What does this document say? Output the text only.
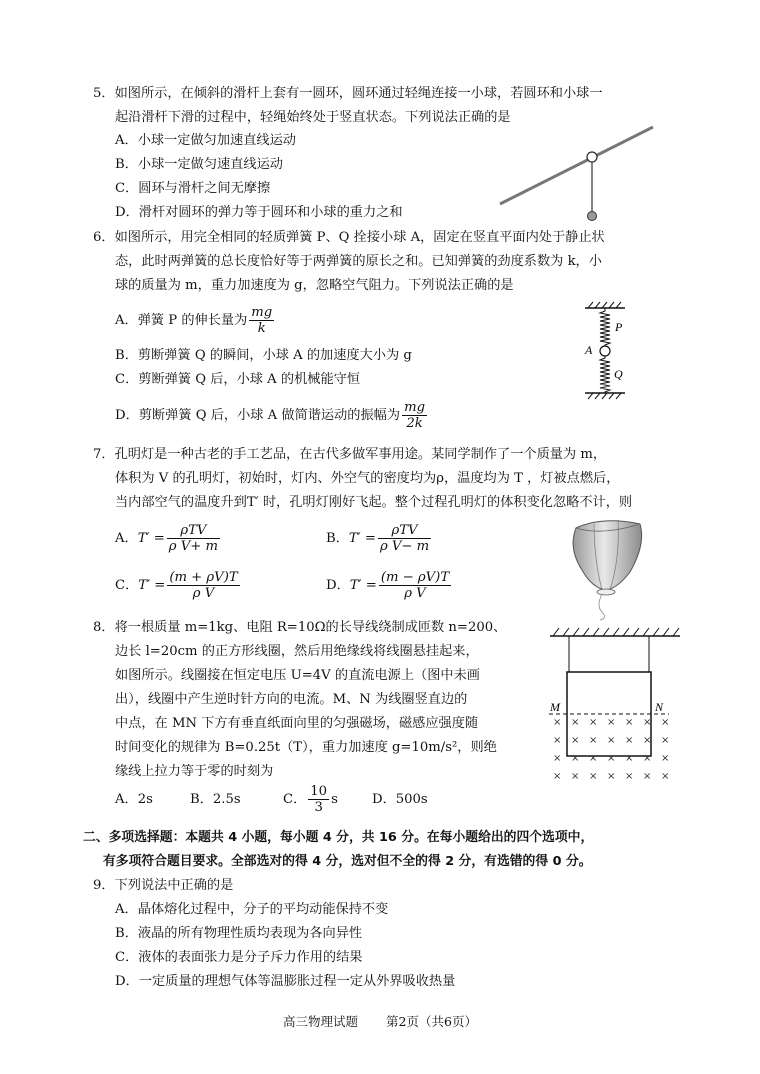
5．如图所示，在倾斜的滑杆上套有一圆环，圆环通过轻绳连接一小球，若圆环和小球一
起沿滑杆下滑的过程中，轻绳始终处于竖直状态。下列说法正确的是
A．小球一定做匀加速直线运动
B．小球一定做匀速直线运动
C．圆环与滑杆之间无摩擦
D．滑杆对圆环的弹力等于圆环和小球的重力之和
6．如图所示，用完全相同的轻质弹簧 P、Q 拴接小球 A，固定在竖直平面内处于静止状
态，此时两弹簧的总长度恰好等于两弹簧的原长之和。已知弹簧的劲度系数为 k，小
球的质量为 m，重力加速度为 g，忽略空气阻力。下列说法正确的是
A．弹簧 P 的伸长量为 $\frac{mg}{k}$
B．剪断弹簧 Q 的瞬间，小球 A 的加速度大小为 g
C．剪断弹簧 Q 后，小球 A 的机械能守恒
D．剪断弹簧 Q 后，小球 A 做简谐运动的振幅为 $\frac{mg}{2k}$
P
A
Q
7．孔明灯是一种古老的手工艺品，在古代多做军事用途。某同学制作了一个质量为 m，
体积为 V 的孔明灯，初始时，灯内、外空气的密度均为ρ，温度均为 T ，灯被点燃后，
当内部空气的温度升到T′ 时，孔明灯刚好飞起。整个过程孔明灯的体积变化忽略不计，则
A．$T' = \frac{\text{ρTV}}{\text{ρ V+ m}}$	B．$T' = \frac{\text{ρTV}}{\text{ρ V− m}}$
C．$T' = \frac{(m + \rho V)T}{\text{ρ V}}$	D．$T' = \frac{(m - \rho V)T}{\text{ρ V}}$
8．将一根质量 m=1kg、电阻 R=10Ω的长导线绕制成匝数 n=200、
边长 l=20cm 的正方形线圈，然后用绝缘线将线圈悬挂起来，
如图所示。线圈接在恒定电压 U=4V 的直流电源上（图中未画
出），线圈中产生逆时针方向的电流。M、N 为线圈竖直边的
中点，在 MN 下方有垂直纸面向里的匀强磁场，磁感应强度随
时间变化的规律为 B=0.25t（T），重力加速度 g=10m/s²，则绝
缘线上拉力等于零的时刻为
A．2s	B．2.5s	C． $\frac{10}{3}$ s	D．500s
M	N
× × × × × × ×
× × × × × × ×
× × × × × × ×
× × × × × × ×
二、多项选择题：本题共 4 小题，每小题 4 分，共 16 分。在每小题给出的四个选项中，
有多项符合题目要求。全部选对的得 4 分，选对但不全的得 2 分，有选错的得 0 分。
9．下列说法中正确的是
A．晶体熔化过程中，分子的平均动能保持不变
B．液晶的所有物理性质均表现为各向异性
C．液体的表面张力是分子斥力作用的结果
D．一定质量的理想气体等温膨胀过程一定从外界吸收热量
高三物理试题 第2页（共6页）
